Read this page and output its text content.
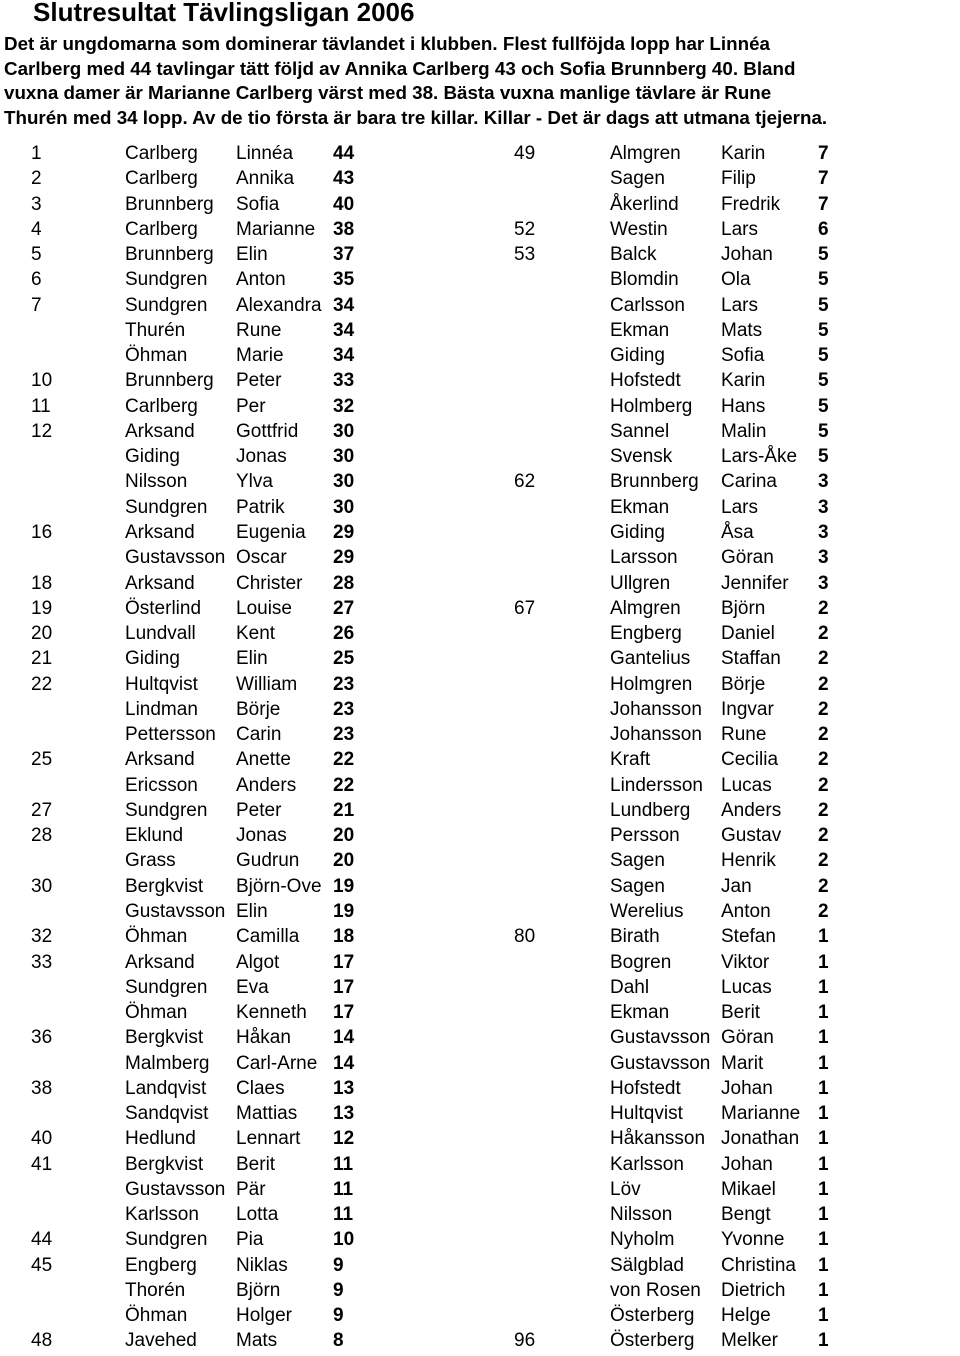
Slutresultat Tävlingsligan 2006
Det är ungdomarna som dominerar tävlandet i klubben. Flest fullföjda lopp har Linnéa
Carlberg med 44 tavlingar tätt följd av Annika Carlberg 43 och Sofia Brunnberg 40. Bland
vuxna damer är Marianne Carlberg värst med 38. Bästa vuxna manlige tävlare är Rune
Thurén med 34 lopp. Av de tio första är bara tre killar. Killar - Det är dags att utmana tjejerna.
1	Carlberg Linnéa 44
2	Carlberg Annika 43
3	Brunnberg Sofia	40
4	Carlberg Marianne 38
5	Brunnberg Elin	37
6	Sundgren Anton 35
7	Sundgren Alexandra 34
Thurén	Rune	34
Öhman	Marie	34
10	Brunnberg Peter	33
11	Carlberg Per	32
12	Arksand Gottfrid 30
Giding	Jonas 30
Nilsson	Ylva	30
Sundgren Patrik	30
16	Arksand Eugenia 29
Gustavsson Oscar 29
18	Arksand Christer 28
19	Österlind Louise 27
20	Lundvall Kent	26
21	Giding	Elin	25
22	Hultqvist William 23
Lindman Börje	23
Pettersson Carin	23
25	Arksand Anette 22
Ericsson Anders 22
27	Sundgren Peter	21
28	Eklund	Jonas 20
Grass	Gudrun 20
30	Bergkvist Björn-Ove 19
Gustavsson Elin	19
32	Öhman	Camilla 18
33	Arksand Algot	17
Sundgren Eva	17
Öhman	Kenneth 17
36	Bergkvist Håkan 14
Malmberg Carl-Arne 14
38	Landqvist Claes	13
Sandqvist Mattias 13
40	Hedlund Lennart 12
41	Bergkvist Berit	11
Gustavsson Pär	11
Karlsson Lotta	11
44	Sundgren Pia	10
45	Engberg Niklas 9
Thorén	Björn	9
Öhman	Holger 9
48	Javehed Mats	8
49	Almgren Karin	7
Sagen	Filip	7
Åkerlind Fredrik 7
52	Westin	Lars	6
53	Balck	Johan 5
Blomdin Ola	5
Carlsson Lars	5
Ekman	Mats	5
Giding	Sofia	5
Hofstedt Karin	5
Holmberg Hans	5
Sannel	Malin	5
Svensk	Lars-Åke 5
62	Brunnberg Carina 3
Ekman	Lars	3
Giding	Åsa	3
Larsson Göran 3
Ullgren	Jennifer 3
67	Almgren Björn	2
Engberg Daniel 2
Gantelius Staffan 2
Holmgren Börje	2
Johansson Ingvar 2
Johansson Rune	2
Kraft	Cecilia 2
Lindersson Lucas 2
Lundberg Anders 2
Persson Gustav 2
Sagen	Henrik 2
Sagen	Jan	2
Werelius Anton 2
80	Birath	Stefan 1
Bogren	Viktor	1
Dahl	Lucas 1
Ekman	Berit	1
Gustavsson Göran 1
Gustavsson Marit	1
Hofstedt Johan 1
Hultqvist Marianne 1
Håkansson Jonathan 1
Karlsson Johan 1
Löv	Mikael 1
Nilsson	Bengt 1
Nyholm Yvonne 1
Sälgblad Christina 1
von Rosen Dietrich 1
Österberg Helge 1
96	Österberg Melker 1
